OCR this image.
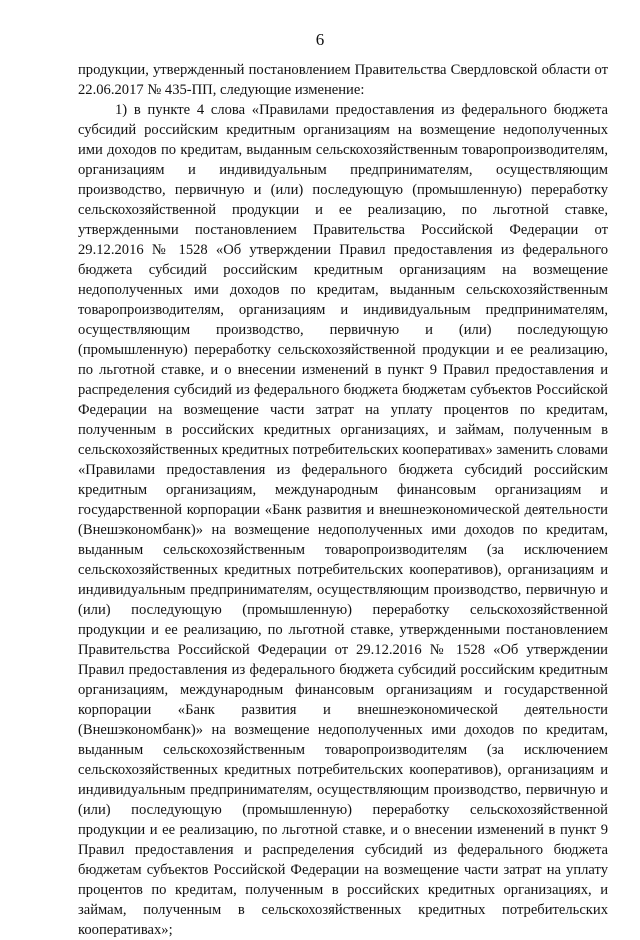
6

продукции, утвержденный постановлением Правительства Свердловской области от 22.06.2017 № 435-ПП, следующие изменение:

1) в пункте 4 слова «Правилами предоставления из федерального бюджета субсидий российским кредитным организациям на возмещение недополученных ими доходов по кредитам, выданным сельскохозяйственным товаропроизводителям, организациям и индивидуальным предпринимателям, осуществляющим производство, первичную и (или) последующую (промышленную) переработку сельскохозяйственной продукции и ее реализацию, по льготной ставке, утвержденными постановлением Правительства Российской Федерации от 29.12.2016 № 1528 «Об утверждении Правил предоставления из федерального бюджета субсидий российским кредитным организациям на возмещение недополученных ими доходов по кредитам, выданным сельскохозяйственным товаропроизводителям, организациям и индивидуальным предпринимателям, осуществляющим производство, первичную и (или) последующую (промышленную) переработку сельскохозяйственной продукции и ее реализацию, по льготной ставке, и о внесении изменений в пункт 9 Правил предоставления и распределения субсидий из федерального бюджета бюджетам субъектов Российской Федерации на возмещение части затрат на уплату процентов по кредитам, полученным в российских кредитных организациях, и займам, полученным в сельскохозяйственных кредитных потребительских кооперативах» заменить словами «Правилами предоставления из федерального бюджета субсидий российским кредитным организациям, международным финансовым организациям и государственной корпорации «Банк развития и внешнеэкономической деятельности (Внешэкономбанк)» на возмещение недополученных ими доходов по кредитам, выданным сельскохозяйственным товаропроизводителям (за исключением сельскохозяйственных кредитных потребительских кооперативов), организациям и индивидуальным предпринимателям, осуществляющим производство, первичную и (или) последующую (промышленную) переработку сельскохозяйственной продукции и ее реализацию, по льготной ставке, утвержденными постановлением Правительства Российской Федерации от 29.12.2016 № 1528 «Об утверждении Правил предоставления из федерального бюджета субсидий российским кредитным организациям, международным финансовым организациям и государственной корпорации «Банк развития и внешнеэкономической деятельности (Внешэкономбанк)» на возмещение недополученных ими доходов по кредитам, выданным сельскохозяйственным товаропроизводителям (за исключением сельскохозяйственных кредитных потребительских кооперативов), организациям и индивидуальным предпринимателям, осуществляющим производство, первичную и (или) последующую (промышленную) переработку сельскохозяйственной продукции и ее реализацию, по льготной ставке, и о внесении изменений в пункт 9 Правил предоставления и распределения субсидий из федерального бюджета бюджетам субъектов Российской Федерации на возмещение части затрат на уплату процентов по кредитам, полученным в российских кредитных организациях, и займам, полученным в сельскохозяйственных кредитных потребительских кооперативах»;
